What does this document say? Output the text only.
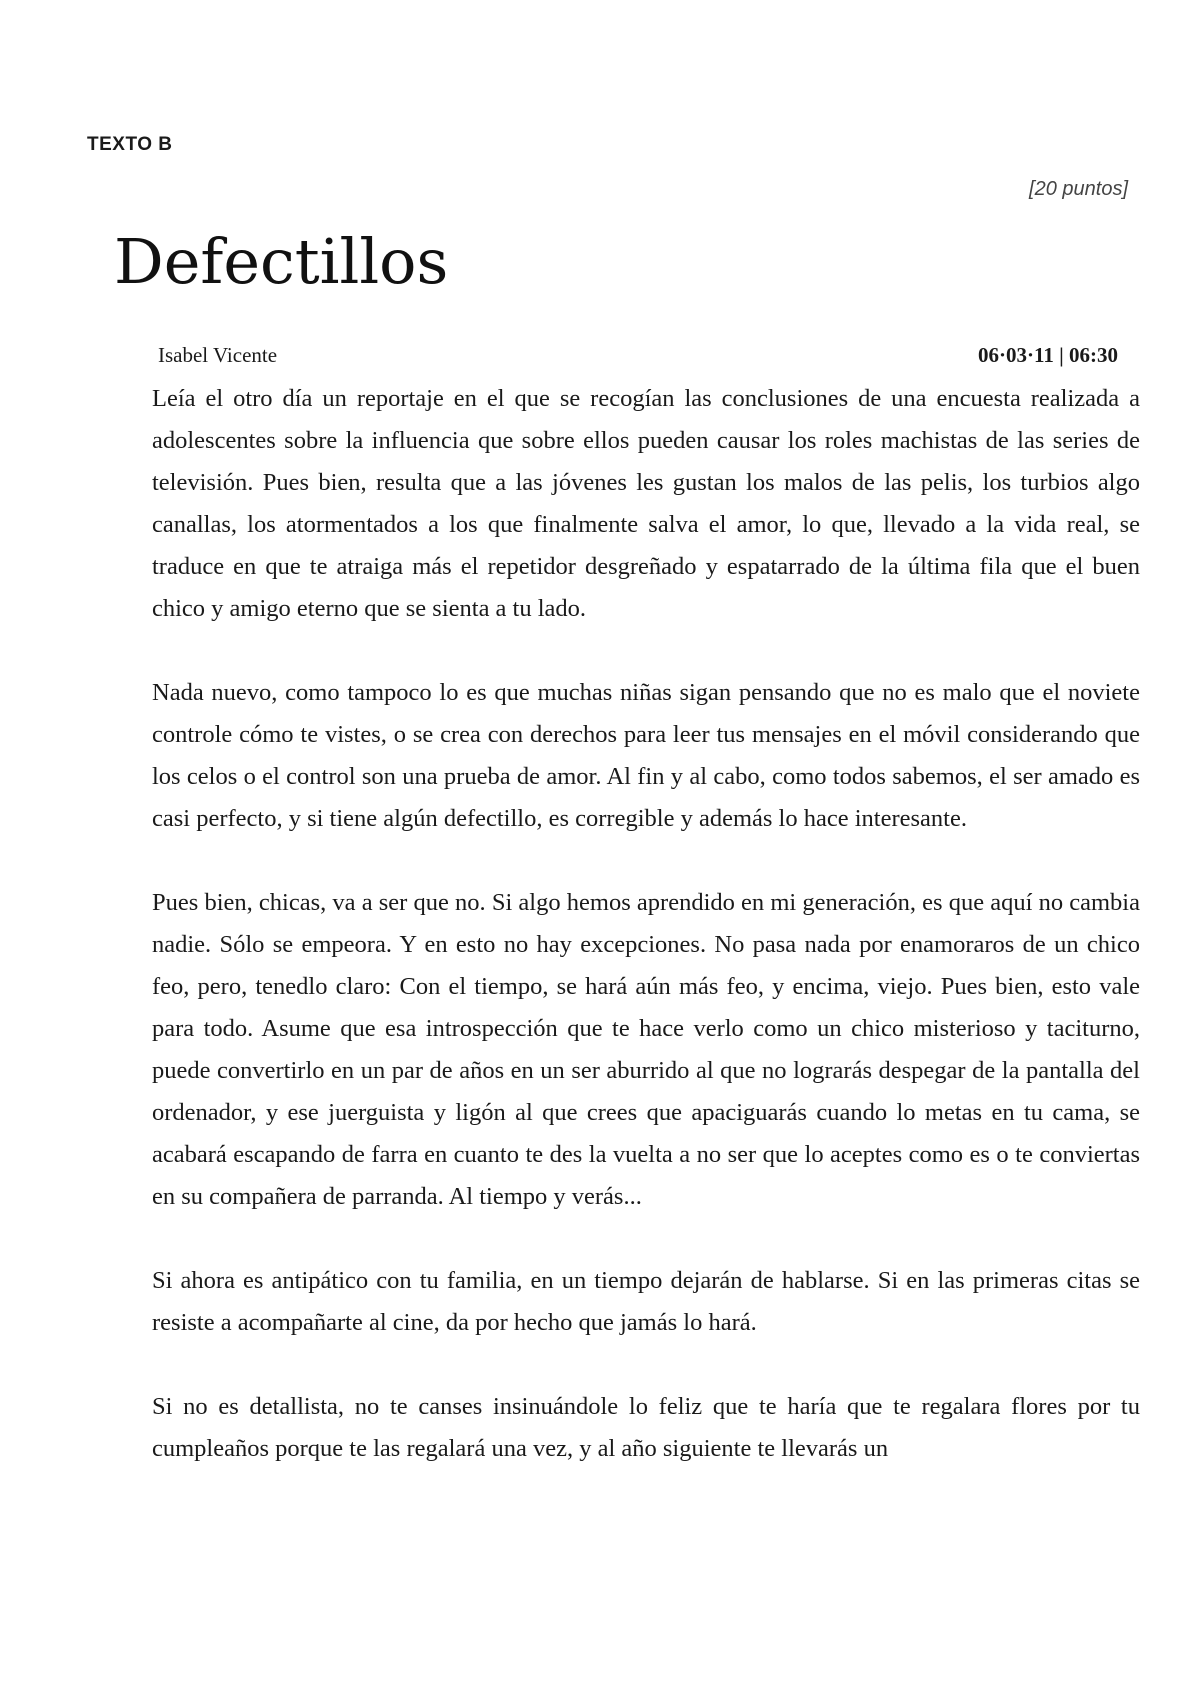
TEXTO B
[20 puntos]
Defectillos
Isabel Vicente	06·03·11 | 06:30

Leía el otro día un reportaje en el que se recogían las conclusiones de una encuesta realizada a adolescentes sobre la influencia que sobre ellos pueden causar los roles machistas de las series de televisión. Pues bien, resulta que a las jóvenes les gustan los malos de las pelis, los turbios algo canallas, los atormentados a los que finalmente salva el amor, lo que, llevado a la vida real, se traduce en que te atraiga más el repetidor desgreñado y espatarrado de la última fila que el buen chico y amigo eterno que se sienta a tu lado.

Nada nuevo, como tampoco lo es que muchas niñas sigan pensando que no es malo que el noviete controle cómo te vistes, o se crea con derechos para leer tus mensajes en el móvil considerando que los celos o el control son una prueba de amor. Al fin y al cabo, como todos sabemos, el ser amado es casi perfecto, y si tiene algún defectillo, es corregible y además lo hace interesante.

Pues bien, chicas, va a ser que no. Si algo hemos aprendido en mi generación, es que aquí no cambia nadie. Sólo se empeora. Y en esto no hay excepciones. No pasa nada por enamoraros de un chico feo, pero, tenedlo claro: Con el tiempo, se hará aún más feo, y encima, viejo. Pues bien, esto vale para todo. Asume que esa introspección que te hace verlo como un chico misterioso y taciturno, puede convertirlo en un par de años en un ser aburrido al que no lograrás despegar de la pantalla del ordenador, y ese juerguista y ligón al que crees que apaciguarás cuando lo metas en tu cama, se acabará escapando de farra en cuanto te des la vuelta a no ser que lo aceptes como es o te conviertas en su compañera de parranda. Al tiempo y verás...

Si ahora es antipático con tu familia, en un tiempo dejarán de hablarse. Si en las primeras citas se resiste a acompañarte al cine, da por hecho que jamás lo hará.

Si no es detallista, no te canses insinuándole lo feliz que te haría que te regalara flores por tu cumpleaños porque te las regalará una vez, y al año siguiente te llevarás un
